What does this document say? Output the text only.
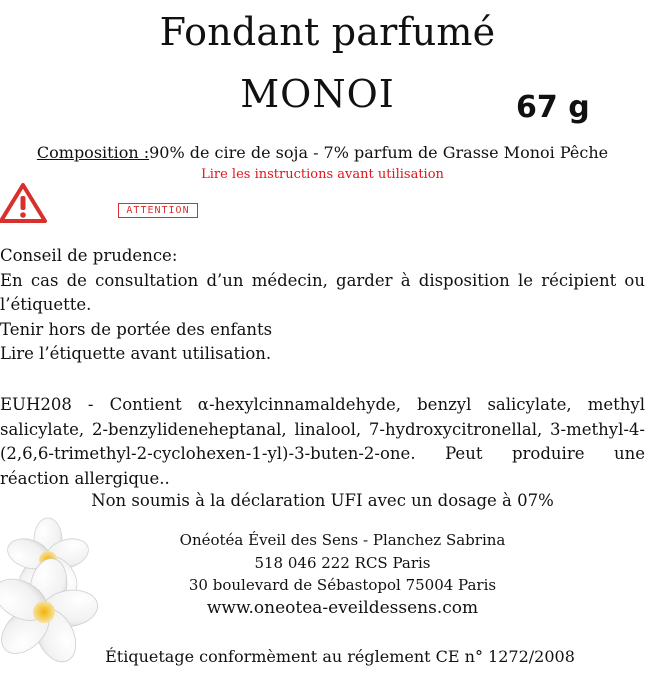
Fondant parfumé
MONOI	67 g
Composition :90% de cire de soja - 7% parfum de Grasse Monoi Pêche
Lire les instructions avant utilisation
ATTENTION
Conseil de prudence:
En cas de consultation d’un médecin, garder à disposition le récipient ou l’étiquette.
Tenir hors de portée des enfants
Lire l’étiquette avant utilisation.
EUH208 - Contient α-hexylcinnamaldehyde, benzyl salicylate, methyl salicylate, 2-benzylideneheptanal, linalool, 7-hydroxycitronellal, 3-methyl-4-(2,6,6-trimethyl-2-cyclohexen-1-yl)-3-buten-2-one. Peut produire une réaction allergique..
Non soumis à la déclaration UFI avec un dosage à 07%
Onéotéa Éveil des Sens - Planchez Sabrina
518 046 222 RCS Paris
30 boulevard de Sébastopol 75004 Paris
www.oneotea-eveildessens.com
Étiquetage conformèment au réglement CE n° 1272/2008
